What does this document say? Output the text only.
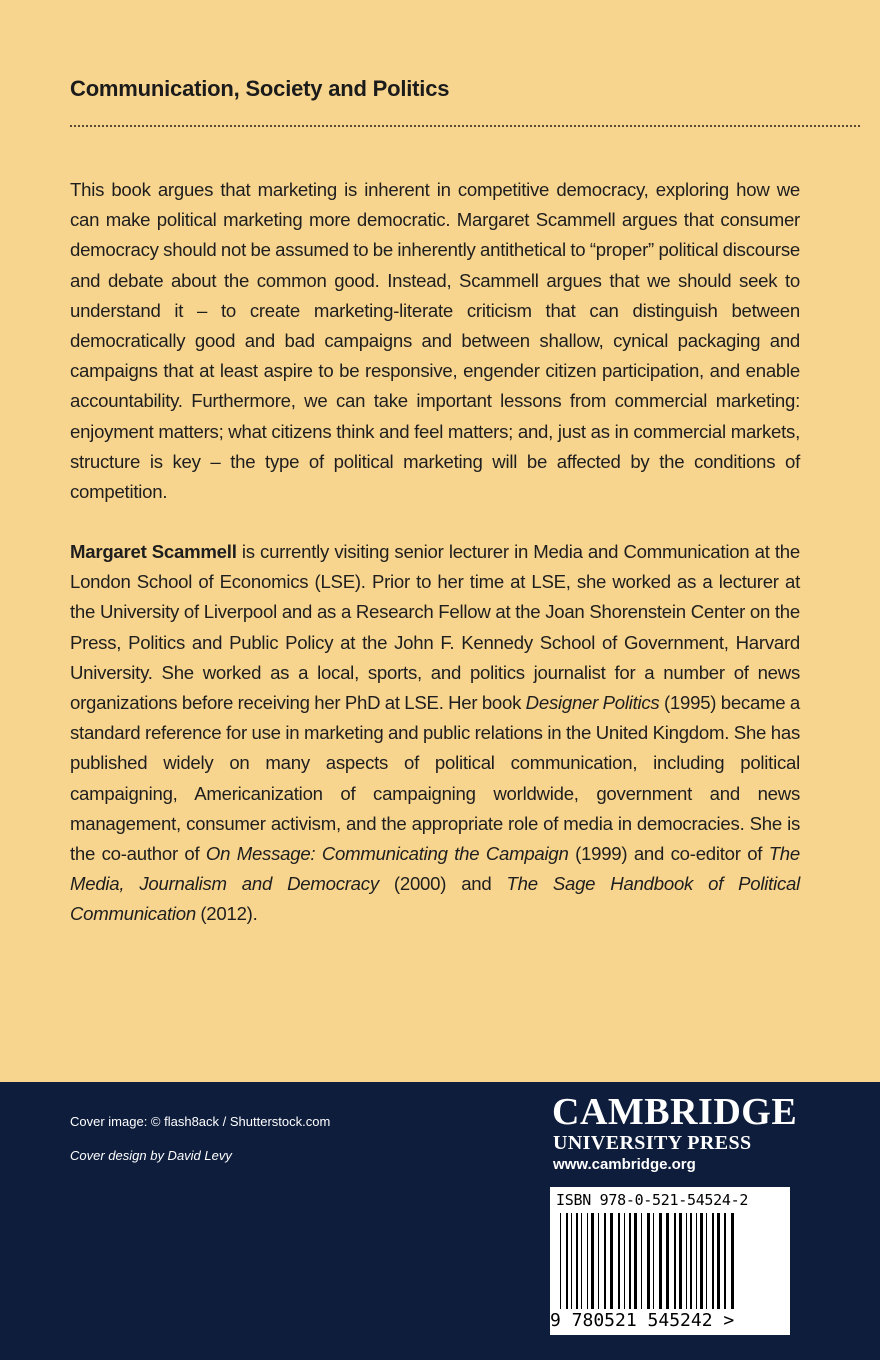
Communication, Society and Politics

This book argues that marketing is inherent in competitive democracy, exploring how we can make political marketing more democratic. Margaret Scammell argues that consumer democracy should not be assumed to be inherently antithetical to “proper” political discourse and debate about the common good. Instead, Scammell argues that we should seek to understand it – to create marketing-literate criticism that can distinguish between democratically good and bad campaigns and between shallow, cynical packaging and campaigns that at least aspire to be responsive, engender citizen participation, and enable accountability. Furthermore, we can take important lessons from commercial marketing: enjoyment matters; what citizens think and feel matters; and, just as in commercial markets, structure is key – the type of political marketing will be affected by the conditions of competition.

Margaret Scammell is currently visiting senior lecturer in Media and Communication at the London School of Economics (LSE). Prior to her time at LSE, she worked as a lecturer at the University of Liverpool and as a Research Fellow at the Joan Shorenstein Center on the Press, Politics and Public Policy at the John F. Kennedy School of Government, Harvard University. She worked as a local, sports, and politics journalist for a number of news organizations before receiving her PhD at LSE. Her book Designer Politics (1995) became a standard reference for use in marketing and public relations in the United Kingdom. She has published widely on many aspects of political communication, including political campaigning, Americanization of campaigning worldwide, government and news management, consumer activism, and the appropriate role of media in democracies. She is the co-author of On Message: Communicating the Campaign (1999) and co-editor of The Media, Journalism and Democracy (2000) and The Sage Handbook of Political Communication (2012).

Cover image: © flash8ack / Shutterstock.com

Cover design by David Levy

CAMBRIDGE

UNIVERSITY PRESS

www.cambridge.org

ISBN 978-0-521-54524-2

9 780521 545242 >
